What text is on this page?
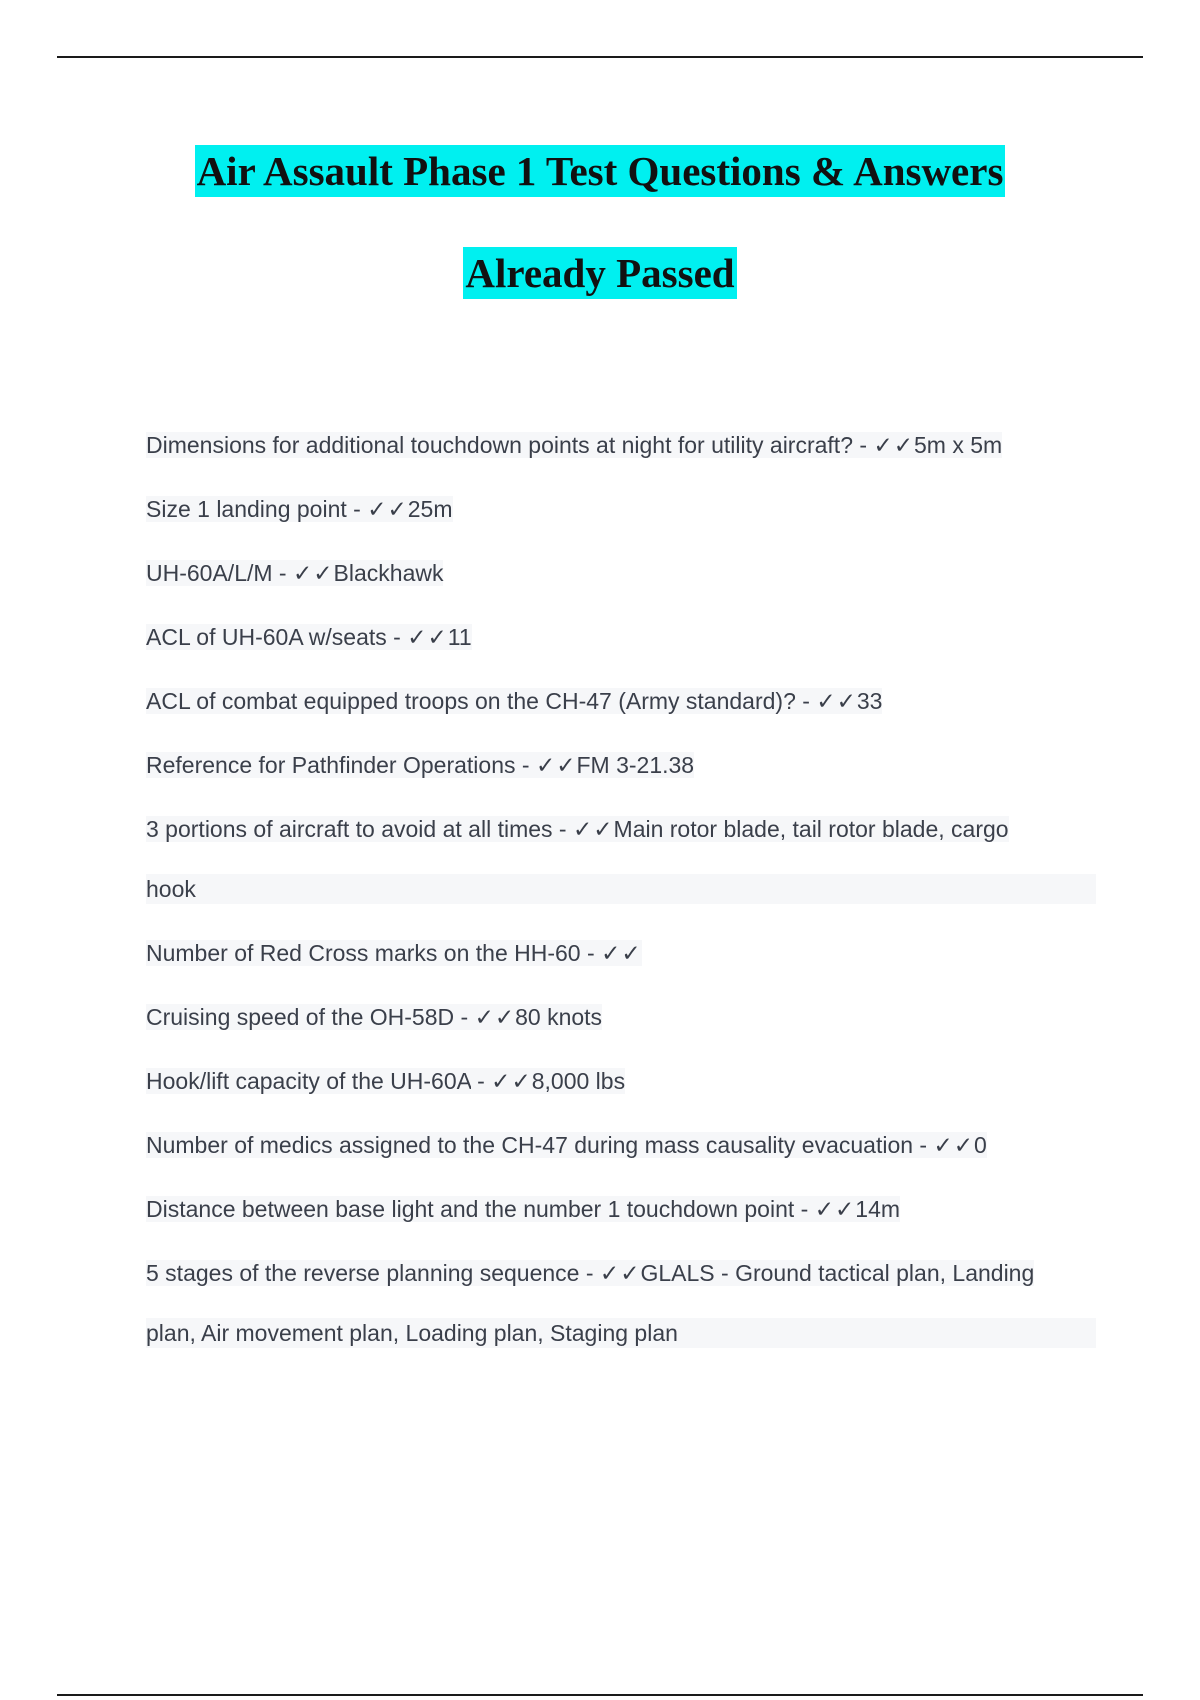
Air Assault Phase 1 Test Questions & Answers
Already Passed
Dimensions for additional touchdown points at night for utility aircraft? - ✓✓5m x 5m
Size 1 landing point - ✓✓25m
UH-60A/L/M - ✓✓Blackhawk
ACL of UH-60A w/seats - ✓✓11
ACL of combat equipped troops on the CH-47 (Army standard)? - ✓✓33
Reference for Pathfinder Operations - ✓✓FM 3-21.38
3 portions of aircraft to avoid at all times - ✓✓Main rotor blade, tail rotor blade, cargo
hook
Number of Red Cross marks on the HH-60 - ✓✓
Cruising speed of the OH-58D - ✓✓80 knots
Hook/lift capacity of the UH-60A - ✓✓8,000 lbs
Number of medics assigned to the CH-47 during mass causality evacuation - ✓✓0
Distance between base light and the number 1 touchdown point - ✓✓14m
5 stages of the reverse planning sequence - ✓✓GLALS - Ground tactical plan, Landing
plan, Air movement plan, Loading plan, Staging plan
